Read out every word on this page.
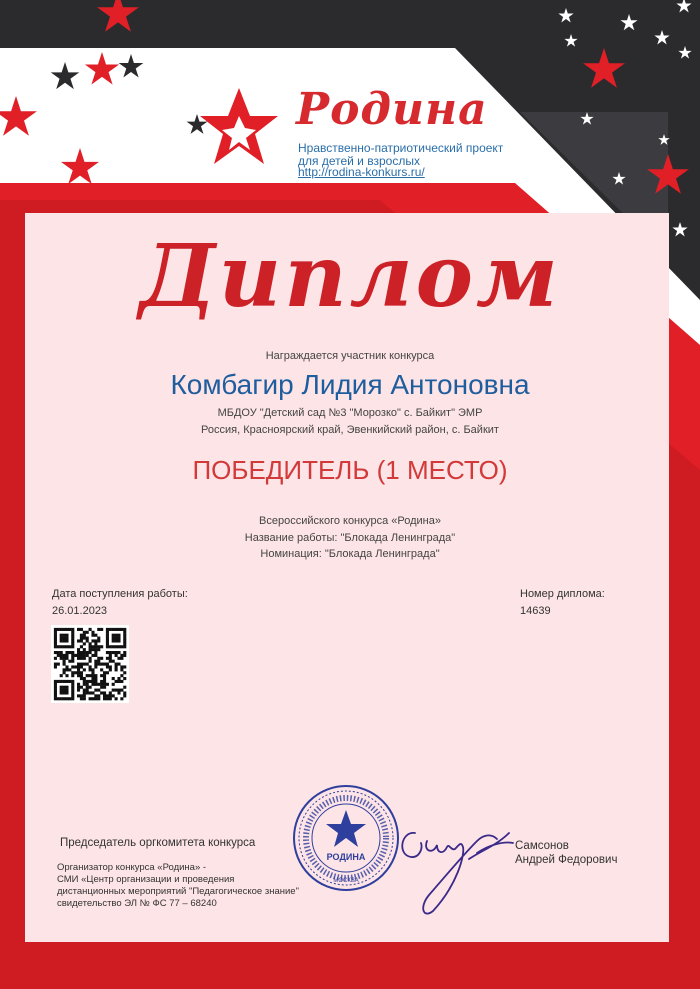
Родина
Нравственно-патриотический проект
для детей и взрослых
http://rodina-konkurs.ru/
Диплом
Награждается участник конкурса
Комбагир Лидия Антоновна
МБДОУ "Детский сад №3 "Морозко" с. Байкит" ЭМР
Россия, Красноярский край, Эвенкийский район, с. Байкит
ПОБЕДИТЕЛЬ (1 МЕСТО)
Всероссийского конкурса «Родина»
Название работы: "Блокада Ленинграда"
Номинация: "Блокада Ленинграда"
Дата поступления работы:
26.01.2023
Номер диплома:
14639
Председатель оргкомитета конкурса
Организатор конкурса «Родина» -
СМИ «Центр организации и проведения
дистанционных мероприятий "Педагогическое знание"
свидетельство ЭЛ № ФС 77 – 68240
РОДИНА
МОСКВА
Самсонов
Андрей Федорович
